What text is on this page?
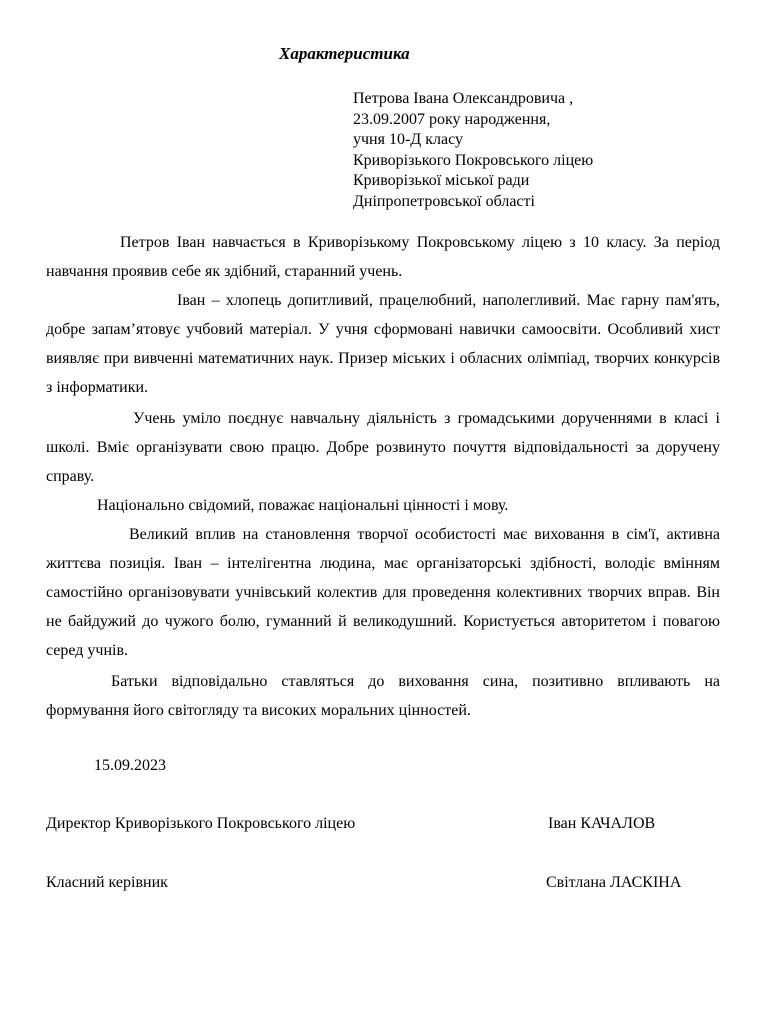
Характеристика
Петрова Івана Олександровича ,
23.09.2007 року народження,
учня 10-Д класу
Криворізького Покровського ліцею
Криворізької міської ради
Дніпропетровської області

Петров Іван навчається в Криворізькому Покровському ліцею з 10 класу. За період навчання проявив себе як здібний, старанний учень.

Іван – хлопець допитливий, працелюбний, наполегливий. Має гарну пам'ять, добре запам’ятовує учбовий матеріал. У учня сформовані навички самоосвіти. Особливий хист виявляє при вивченні математичних наук. Призер міських і обласних олімпіад, творчих конкурсів з інформатики.

Учень уміло поєднує навчальну діяльність з громадськими дорученнями в класі і школі. Вміє організувати свою працю. Добре розвинуто почуття відповідальності за доручену справу.

Національно свідомий, поважає національні цінності і мову.

Великий вплив на становлення творчої особистості має виховання в сім'ї, активна життєва позиція. Іван – інтелігентна людина, має організаторські здібності, володіє вмінням самостійно організовувати учнівський колектив для проведення колективних творчих вправ. Він не байдужий до чужого болю, гуманний й великодушний. Користується авторитетом і повагою серед учнів.

Батьки відповідально ставляться до виховання сина, позитивно впливають на формування його світогляду та високих моральних цінностей.

15.09.2023

Директор Криворізького Покровського ліцею	Іван КАЧАЛОВ
Класний керівник	Світлана ЛАСКІНА
